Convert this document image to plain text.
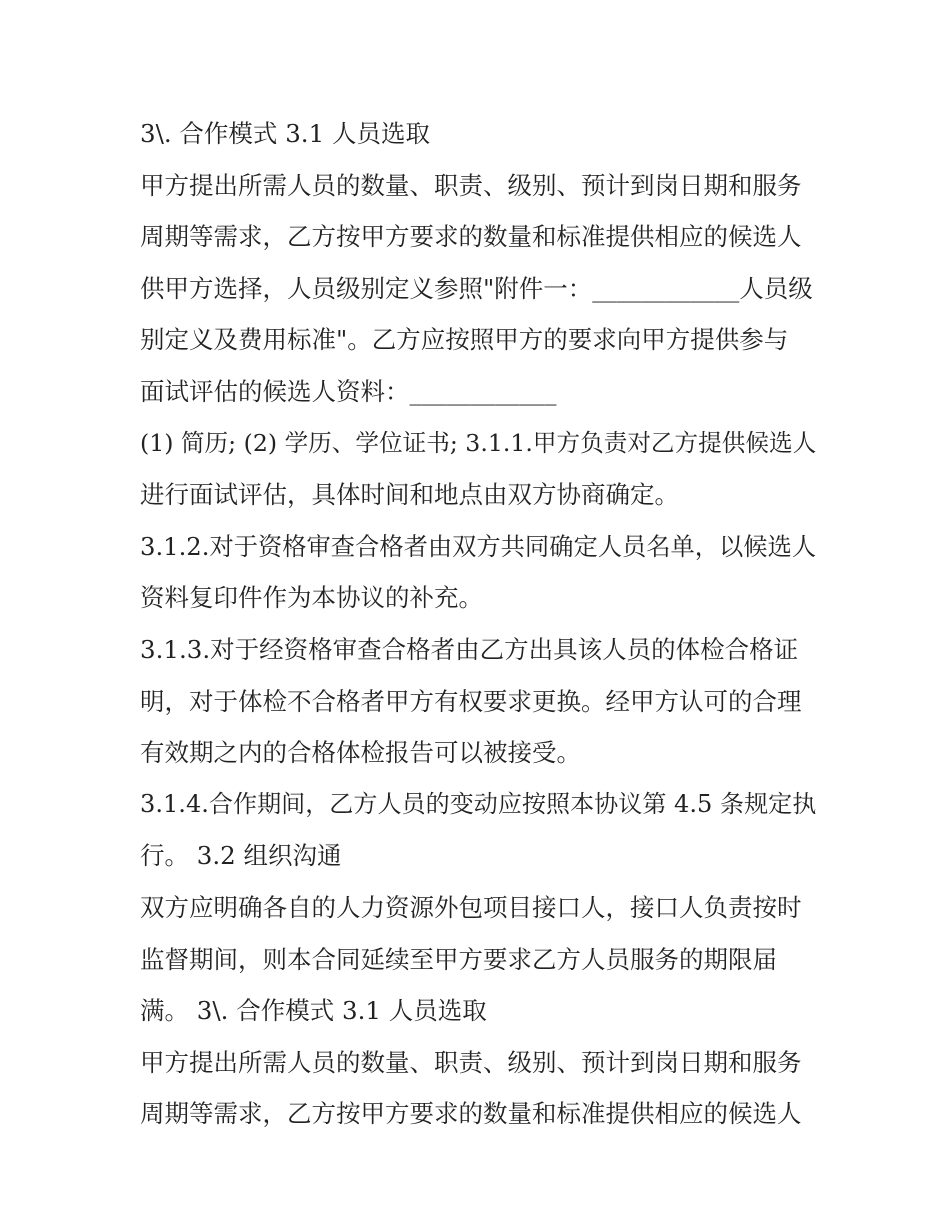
3\. 合作模式 3.1 人员选取
甲方提出所需人员的数量、职责、级别、预计到岗日期和服务
周期等需求，乙方按甲方要求的数量和标准提供相应的候选人
供甲方选择，人员级别定义参照"附件一：____________人员级
别定义及费用标准"。乙方应按照甲方的要求向甲方提供参与
面试评估的候选人资料：____________
(1) 简历; (2) 学历、学位证书; 3.1.1.甲方负责对乙方提供候选人
进行面试评估，具体时间和地点由双方协商确定。
3.1.2.对于资格审查合格者由双方共同确定人员名单，以候选人
资料复印件作为本协议的补充。
3.1.3.对于经资格审查合格者由乙方出具该人员的体检合格证
明，对于体检不合格者甲方有权要求更换。经甲方认可的合理
有效期之内的合格体检报告可以被接受。
3.1.4.合作期间，乙方人员的变动应按照本协议第 4.5 条规定执
行。 3.2 组织沟通
双方应明确各自的人力资源外包项目接口人，接口人负责按时
监督期间，则本合同延续至甲方要求乙方人员服务的期限届
满。 3\. 合作模式 3.1 人员选取
甲方提出所需人员的数量、职责、级别、预计到岗日期和服务
周期等需求，乙方按甲方要求的数量和标准提供相应的候选人
